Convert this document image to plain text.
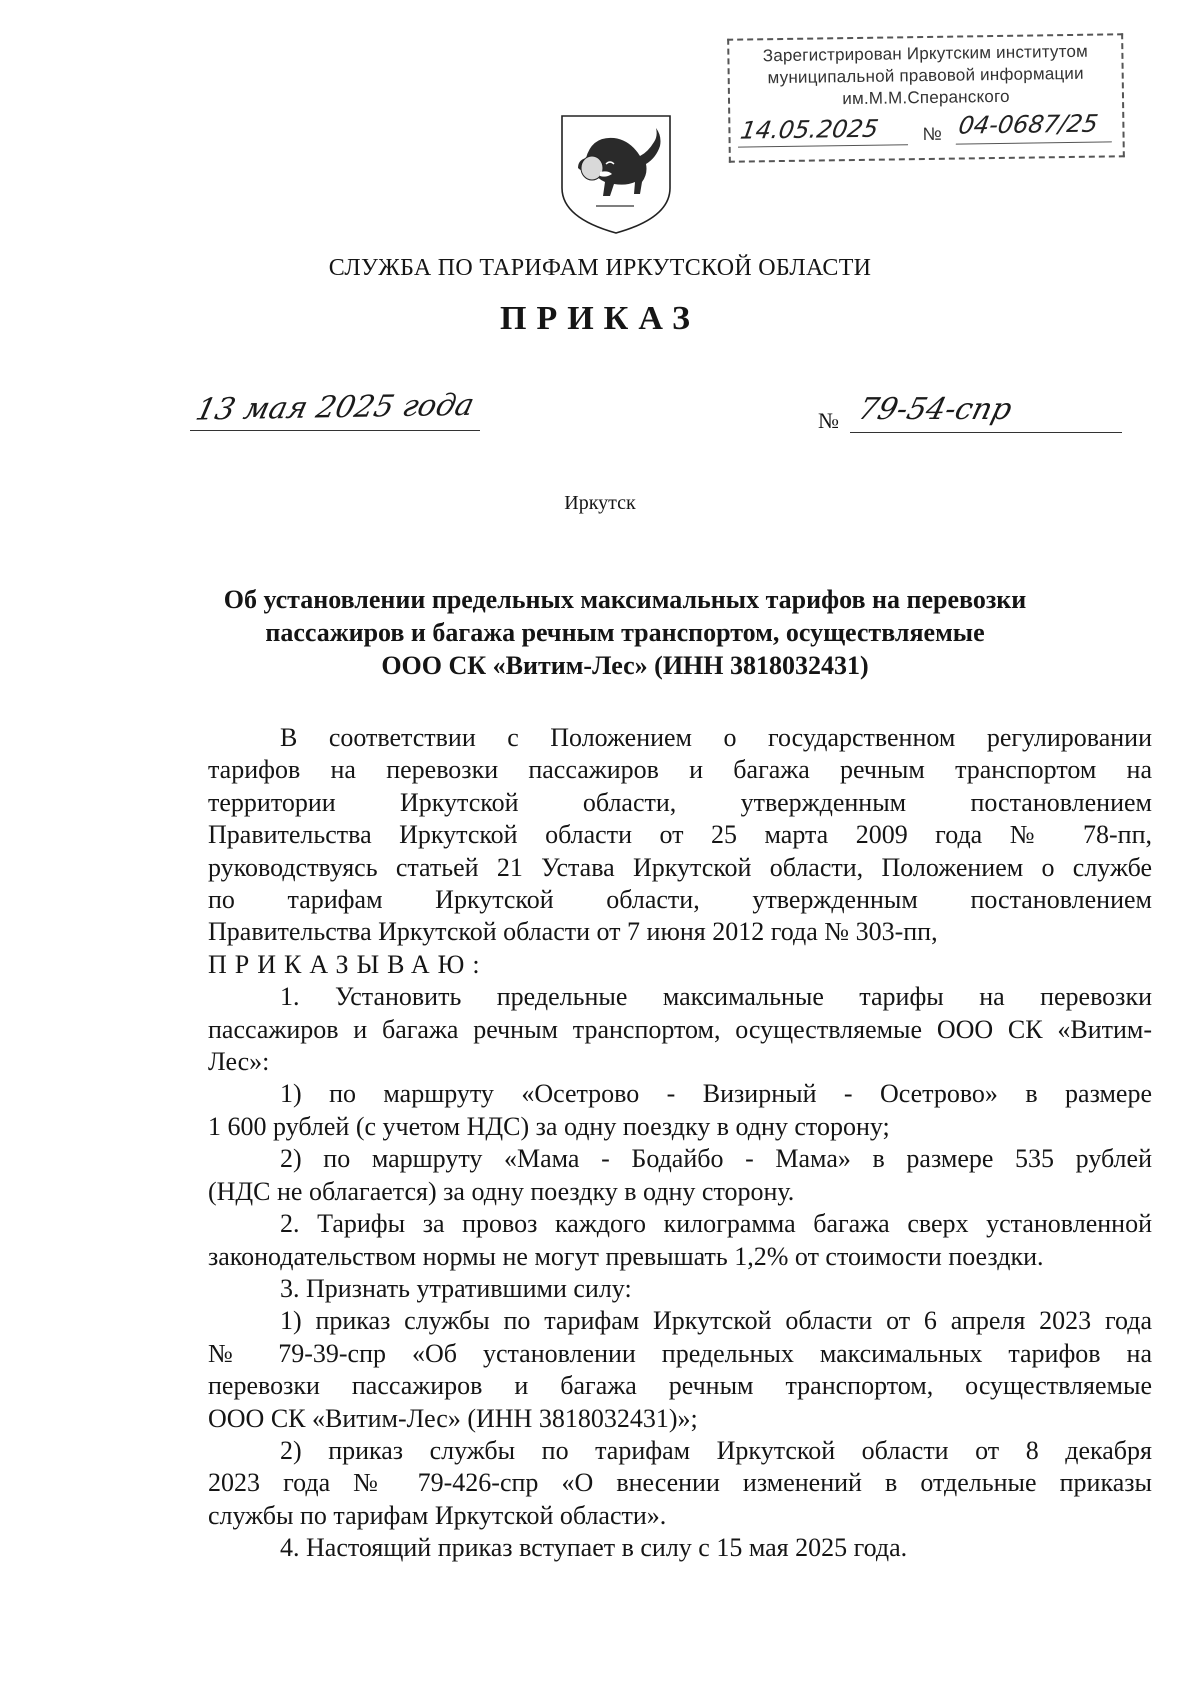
Зарегистрирован Иркутским институтом
муниципальной правовой информации
им.М.М.Сперанского
14.05.2025	№ 04-0687/25
СЛУЖБА ПО ТАРИФАМ ИРКУТСКОЙ ОБЛАСТИ
ПРИКАЗ
13 мая 2025 года	№ 79-54-спр
Иркутск
Об установлении предельных максимальных тарифов на перевозки
пассажиров и багажа речным транспортом, осуществляемые
ООО СК «Витим-Лес» (ИНН 3818032431)

В соответствии с Положением о государственном регулировании

тарифов на перевозки пассажиров и багажа речным транспортом на

территории Иркутской области, утвержденным постановлением

Правительства Иркутской области от 25 марта 2009 года № 78-пп,

руководствуясь статьей 21 Устава Иркутской области, Положением о службе

по тарифам Иркутской области, утвержденным постановлением

Правительства Иркутской области от 7 июня 2012 года № 303-пп,

ПРИКАЗЫВАЮ:

1. Установить предельные максимальные тарифы на перевозки

пассажиров и багажа речным транспортом, осуществляемые ООО СК «Витим-

Лес»:

1) по маршруту «Осетрово - Визирный - Осетрово» в размере

1 600 рублей (с учетом НДС) за одну поездку в одну сторону;

2) по маршруту «Мама - Бодайбо - Мама» в размере 535 рублей

(НДС не облагается) за одну поездку в одну сторону.

2. Тарифы за провоз каждого килограмма багажа сверх установленной

законодательством нормы не могут превышать 1,2% от стоимости поездки.

3. Признать утратившими силу:

1) приказ службы по тарифам Иркутской области от 6 апреля 2023 года

№ 79-39-спр «Об установлении предельных максимальных тарифов на

перевозки пассажиров и багажа речным транспортом, осуществляемые

ООО СК «Витим-Лес» (ИНН 3818032431)»;

2) приказ службы по тарифам Иркутской области от 8 декабря

2023 года № 79-426-спр «О внесении изменений в отдельные приказы

службы по тарифам Иркутской области».

4. Настоящий приказ вступает в силу с 15 мая 2025 года.
